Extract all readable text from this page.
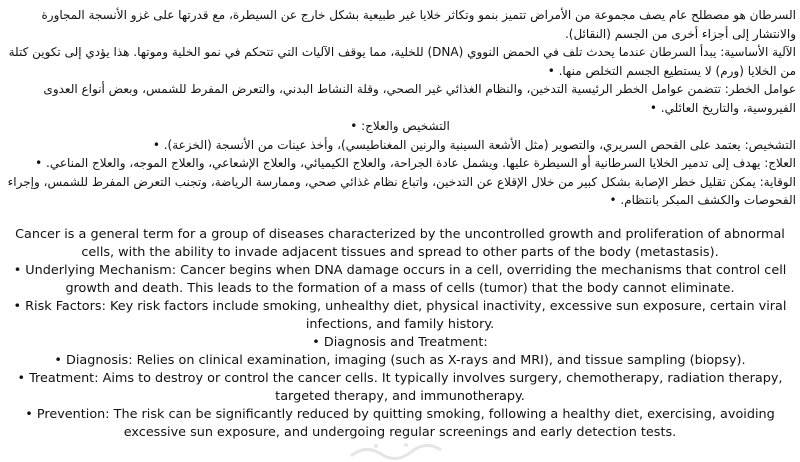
السرطان هو مصطلح عام يصف مجموعة من الأمراض تتميز بنمو وتكاثر خلايا غير طبيعية بشكل خارج عن السيطرة، مع قدرتها على غزو الأنسجة المجاورة والانتشار إلى أجزاء أخرى من الجسم (النقائل).

الآلية الأساسية: يبدأ السرطان عندما يحدث تلف في الحمض النووي (DNA) للخلية، مما يوقف الآليات التي تتحكم في نمو الخلية وموتها. هذا يؤدي إلى تكوين كتلة من الخلايا (ورم) لا يستطيع الجسم التخلص منها. •

عوامل الخطر: تتضمن عوامل الخطر الرئيسية التدخين، والنظام الغذائي غير الصحي، وقلة النشاط البدني، والتعرض المفرط للشمس، وبعض أنواع العدوى الفيروسية، والتاريخ العائلي. •

التشخيص والعلاج: •

التشخيص: يعتمد على الفحص السريري، والتصوير (مثل الأشعة السينية والرنين المغناطيسي)، وأخذ عينات من الأنسجة (الخزعة). •

العلاج: يهدف إلى تدمير الخلايا السرطانية أو السيطرة عليها. ويشمل عادة الجراحة، والعلاج الكيميائي، والعلاج الإشعاعي، والعلاج الموجه، والعلاج المناعي. •

الوقاية: يمكن تقليل خطر الإصابة بشكل كبير من خلال الإقلاع عن التدخين، واتباع نظام غذائي صحي، وممارسة الرياضة، وتجنب التعرض المفرط للشمس، وإجراء الفحوصات والكشف المبكر بانتظام. •

Cancer is a general term for a group of diseases characterized by the uncontrolled growth and proliferation of abnormal cells, with the ability to invade adjacent tissues and spread to other parts of the body (metastasis).

• Underlying Mechanism: Cancer begins when DNA damage occurs in a cell, overriding the mechanisms that control cell growth and death. This leads to the formation of a mass of cells (tumor) that the body cannot eliminate.

• Risk Factors: Key risk factors include smoking, unhealthy diet, physical inactivity, excessive sun exposure, certain viral infections, and family history.

• Diagnosis and Treatment:

• Diagnosis: Relies on clinical examination, imaging (such as X-rays and MRI), and tissue sampling (biopsy).

• Treatment: Aims to destroy or control the cancer cells. It typically involves surgery, chemotherapy, radiation therapy, targeted therapy, and immunotherapy.

• Prevention: The risk can be significantly reduced by quitting smoking, following a healthy diet, exercising, avoiding excessive sun exposure, and undergoing regular screenings and early detection tests.
